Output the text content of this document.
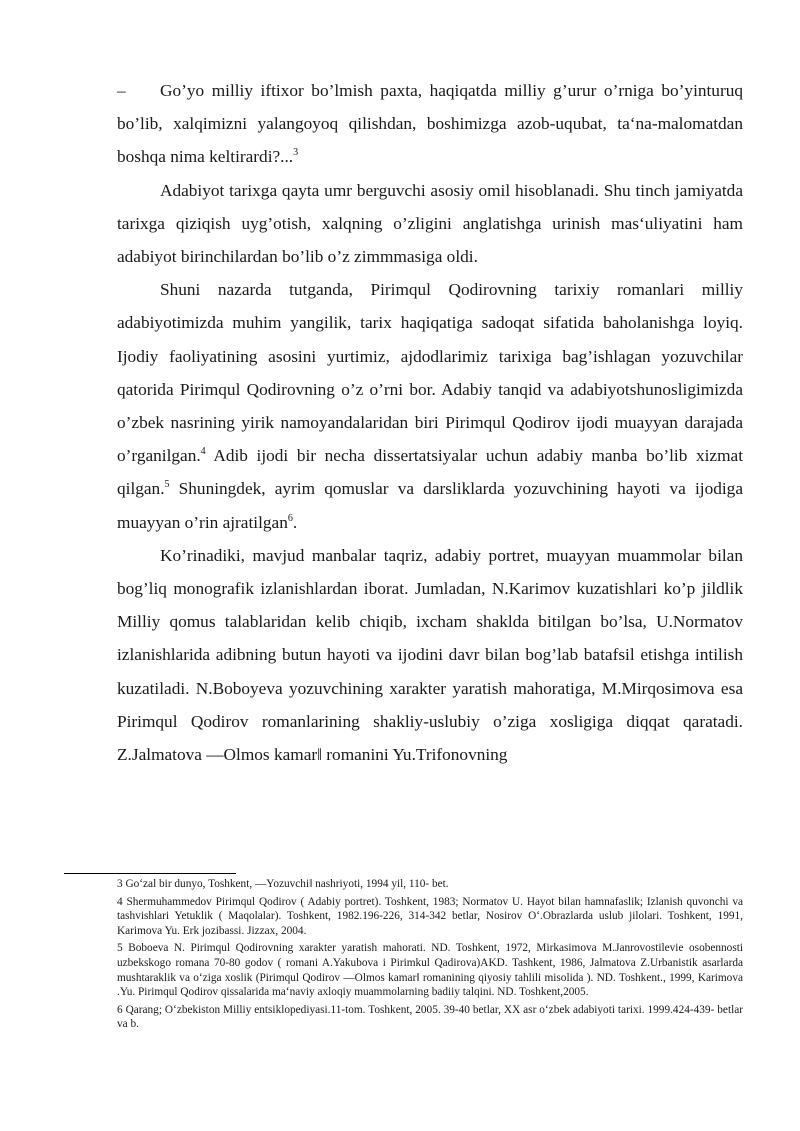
– Go’yo milliy iftixor bo’lmish paxta, haqiqatda milliy g’urur o’rniga bo’yinturuq bo’lib, xalqimizni yalangoyoq qilishdan, boshimizga azob-uqubat, ta‘na-malomatdan boshqa nima keltirardi?...$^3$

Adabiyot tarixga qayta umr berguvchi asosiy omil hisoblanadi. Shu tinch jamiyatda tarixga qiziqish uyg’otish, xalqning o’zligini anglatishga urinish mas‘uliyatini ham adabiyot birinchilardan bo’lib o’z zimmmasiga oldi.

Shuni nazarda tutganda, Pirimqul Qodirovning tarixiy romanlari milliy adabiyotimizda muhim yangilik, tarix haqiqatiga sadoqat sifatida baholanishga loyiq. Ijodiy faoliyatining asosini yurtimiz, ajdodlarimiz tarixiga bag’ishlagan yozuvchilar qatorida Pirimqul Qodirovning o’z o’rni bor. Adabiy tanqid va adabiyotshunosligimizda o’zbek nasrining yirik namoyandalaridan biri Pirimqul Qodirov ijodi muayyan darajada o’rganilgan.$^4$ Adib ijodi bir necha dissertatsiyalar uchun adabiy manba bo’lib xizmat qilgan.$^5$ Shuningdek, ayrim qomuslar va darsliklarda yozuvchining hayoti va ijodiga muayyan o’rin ajratilgan$^6$.

Ko’rinadiki, mavjud manbalar taqriz, adabiy portret, muayyan muammolar bilan bog’liq monografik izlanishlardan iborat. Jumladan, N.Karimov kuzatishlari ko’p jildlik Milliy qomus talablaridan kelib chiqib, ixcham shaklda bitilgan bo’lsa, U.Normatov izlanishlarida adibning butun hayoti va ijodini davr bilan bog’lab batafsil etishga intilish kuzatiladi. N.Boboyeva yozuvchining xarakter yaratish mahoratiga, M.Mirqosimova esa Pirimqul Qodirov romanlarining shakliy-uslubiy o’ziga xosligiga diqqat qaratadi. Z.Jalmatova ―Olmos kamar‖ romanini Yu.Trifonovning

3 Go‘zal bir dunyo, Toshkent, ―Yozuvchi‖ nashriyoti, 1994 yil, 110- bet.

4 Shermuhammedov Pirimqul Qodirov ( Adabiy portret). Toshkent, 1983; Normatov U. Hayot bilan hamnafaslik; Izlanish quvonchi va tashvishlari Yetuklik ( Maqolalar). Toshkent, 1982.196-226, 314-342 betlar, Nosirov O‘.Obrazlarda uslub jilolari. Toshkent, 1991, Karimova Yu. Erk jozibassi. Jizzax, 2004.

5 Boboeva N. Pirimqul Qodirovning xarakter yaratish mahorati. ND. Toshkent, 1972, Mirkasimova M.Janrovostilevie osobennosti uzbekskogo romana 70-80 godov ( romani A.Yakubova i Pirimkul Qadirova)AKD. Tashkent, 1986, Jalmatova Z.Urbanistik asarlarda mushtaraklik va o‘ziga xoslik (Pirimqul Qodirov ―Olmos kamar‖ romanining qiyosiy tahlili misolida ). ND. Toshkent., 1999, Karimova .Yu. Pirimqul Qodirov qissalarida ma‘naviy axloqiy muammolarning badiiy talqini. ND. Toshkent,2005.

6 Qarang; O‘zbekiston Milliy entsiklopediyasi.11-tom. Toshkent, 2005. 39-40 betlar, XX asr o‘zbek adabiyoti tarixi. 1999.424-439- betlar va b.
